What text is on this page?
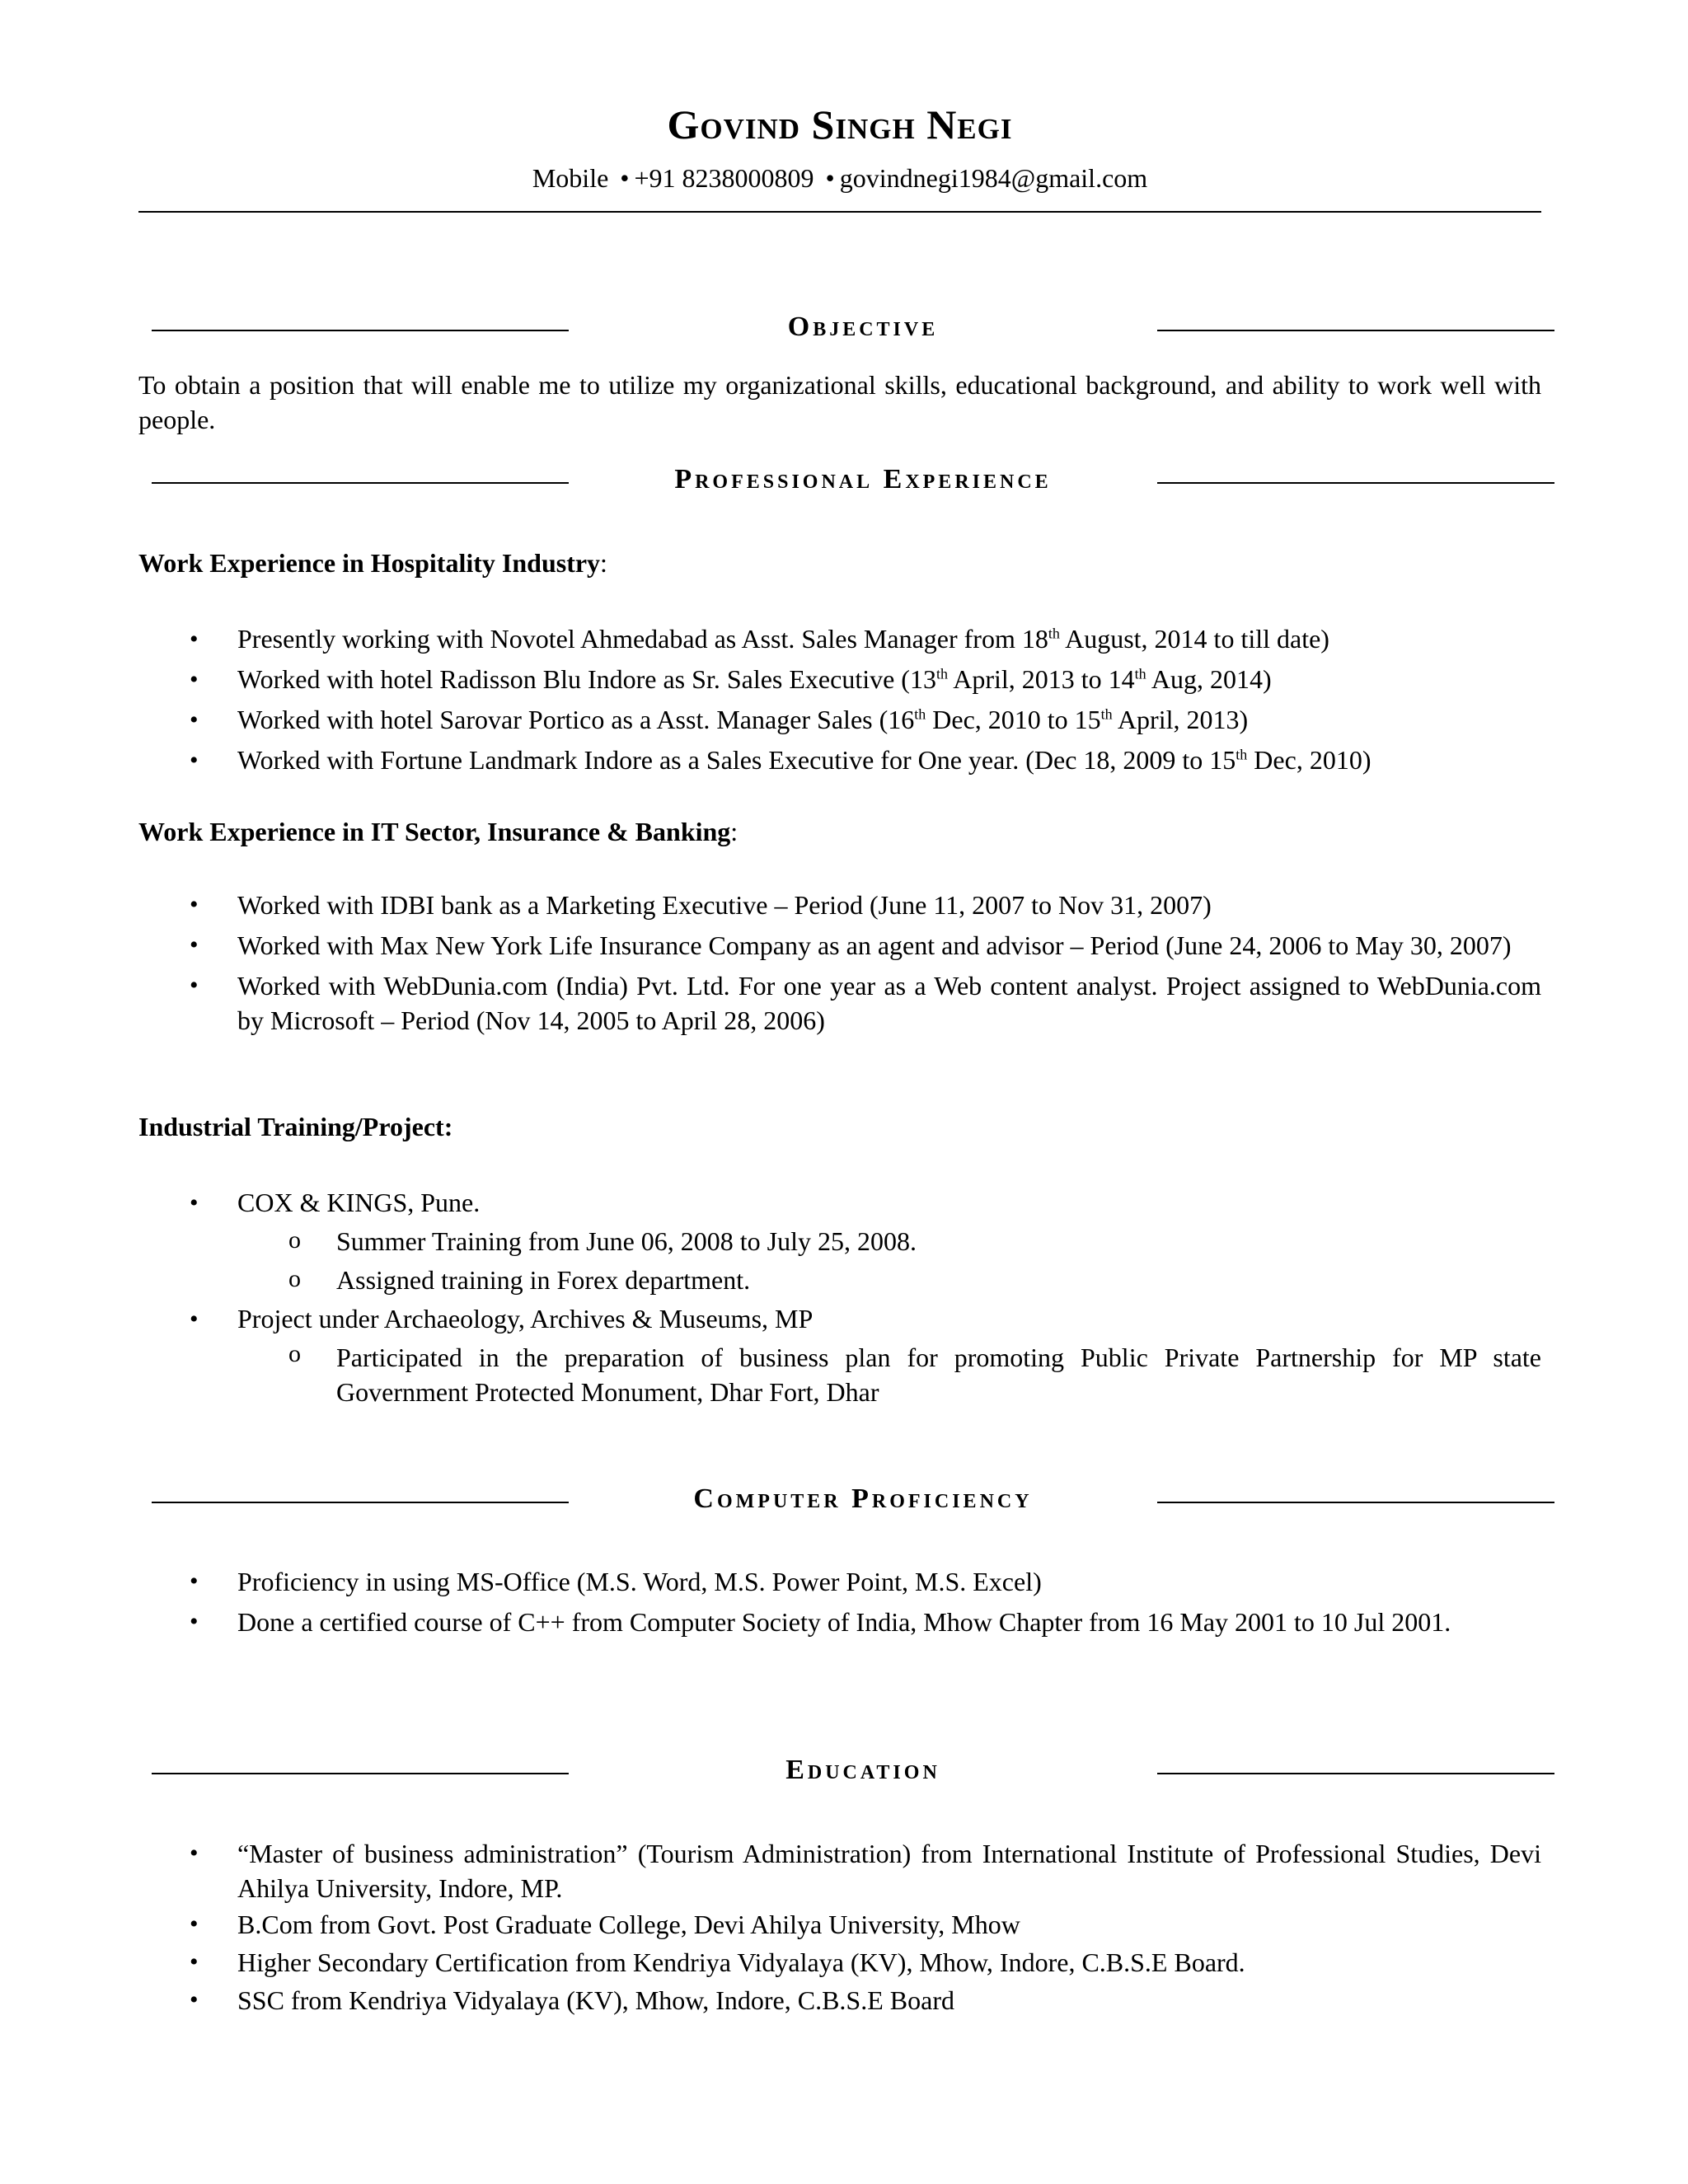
Govind Singh Negi
Mobile • +91 8238000809 • govindnegi1984@gmail.com
Objective
To obtain a position that will enable me to utilize my organizational skills, educational background, and ability to work well with people.
Professional Experience
Work Experience in Hospitality Industry:
• Presently working with Novotel Ahmedabad as Asst. Sales Manager from 18th August, 2014 to till date)
• Worked with hotel Radisson Blu Indore as Sr. Sales Executive (13th April, 2013 to 14th Aug, 2014)
• Worked with hotel Sarovar Portico as a Asst. Manager Sales (16th Dec, 2010 to 15th April, 2013)
• Worked with Fortune Landmark Indore as a Sales Executive for One year. (Dec 18, 2009 to 15th Dec, 2010)
Work Experience in IT Sector, Insurance & Banking:
• Worked with IDBI bank as a Marketing Executive – Period (June 11, 2007 to Nov 31, 2007)
• Worked with Max New York Life Insurance Company as an agent and advisor – Period (June 24, 2006 to May 30, 2007)
• Worked with WebDunia.com (India) Pvt. Ltd. For one year as a Web content analyst. Project assigned to WebDunia.com by Microsoft – Period (Nov 14, 2005 to April 28, 2006)
Industrial Training/Project:
• COX & KINGS, Pune.
o Summer Training from June 06, 2008 to July 25, 2008.
o Assigned training in Forex department.
• Project under Archaeology, Archives & Museums, MP
o Participated in the preparation of business plan for promoting Public Private Partnership for MP state Government Protected Monument, Dhar Fort, Dhar
Computer Proficiency
• Proficiency in using MS-Office (M.S. Word, M.S. Power Point, M.S. Excel)
• Done a certified course of C++ from Computer Society of India, Mhow Chapter from 16 May 2001 to 10 Jul 2001.
Education
• “Master of business administration” (Tourism Administration) from International Institute of Professional Studies, Devi Ahilya University, Indore, MP.
• B.Com from Govt. Post Graduate College, Devi Ahilya University, Mhow
• Higher Secondary Certification from Kendriya Vidyalaya (KV), Mhow, Indore, C.B.S.E Board.
• SSC from Kendriya Vidyalaya (KV), Mhow, Indore, C.B.S.E Board
